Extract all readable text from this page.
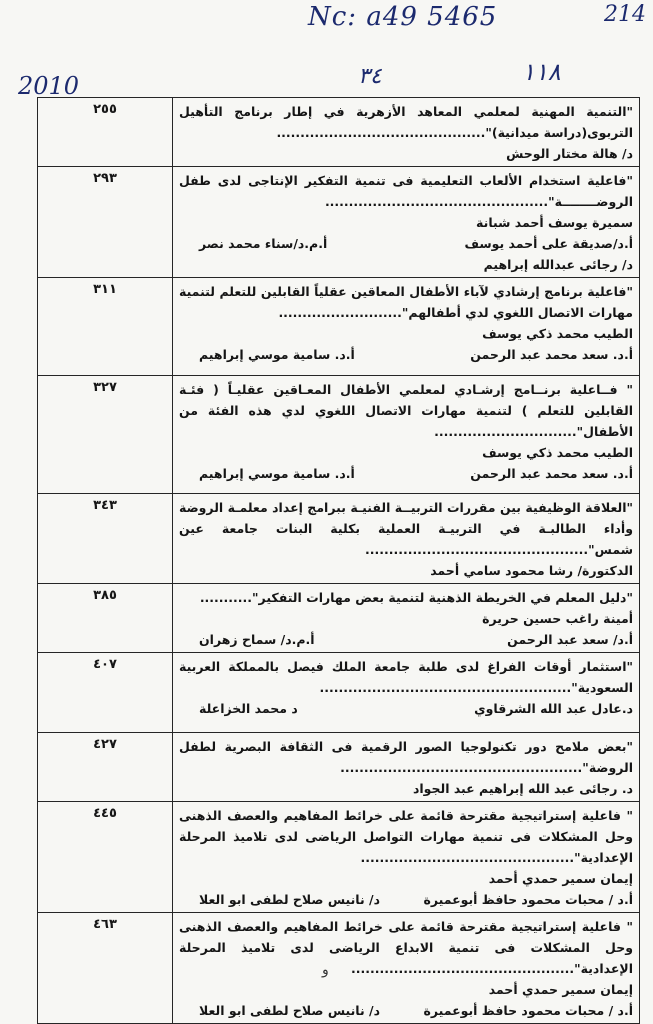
Nc: a49 5465	214
2010	٣٤	١١٨
٢٥٥	"التنمية المهنية لمعلمي المعاهد الأزهرية في إطار برنامج التأهيل التربوى(دراسة ميدانية)"............................................
د/ هالة مختار الوحش

٢٩٣	"فاعلية استخدام الألعاب التعليمية فى تنمية التفكير الإنتاجى لدى طفل الروضــــــــة"...............................................
سميرة يوسف أحمد شبانة
أ.د/صديقة على أحمد يوسف
أ.م.د/سناء محمد نصر
د/ رجائى عبدالله إبراهيم

٣١١	"فاعلية برنامج إرشادي لآباء الأطفال المعاقين عقلياً القابلين للتعلم لتنمية مهارات الاتصال اللغوي لدي أطفالهم"..........................
الطيب محمد ذكي يوسف
أ.د. سعد محمد عبد الرحمن
أ.د. سامية موسي إبراهيم

٣٢٧	" فــاعلية برنــامج إرشـادي لمعلمي الأطفال المعـاقين عقليـاً ( فئـة القابلين للتعلم ) لتنمية مهارات الاتصال اللغوي لدي هذه الفئة من الأطفال"..............................
الطيب محمد ذكي يوسف
أ.د. سعد محمد عبد الرحمن
أ.د. سامية موسي إبراهيم

٣٤٣	"العلاقة الوظيفية بين مقررات التربيــة الفنيـة ببرامج إعداد معلمـة الروضة وأداء الطالبـة في التربيـة العملية بكلية البنات جامعة عين شمس"...............................................
الدكتورة/ رشا محمود سامي أحمد

٣٨٥	"دليل المعلم في الخريطة الذهنية لتنمية بعض مهارات التفكير"...........
أمينة راغب حسين حريرة
أ.د/ سعد عبد الرحمن
أ.م.د/ سماح زهران

٤٠٧	"استثمار أوقات الفراغ لدى طلبة جامعة الملك فيصل بالمملكة العربية السعودية".....................................................
د.عادل عبد الله الشرقاوي
د محمد الخزاعلة

٤٢٧	"بعض ملامح دور تكنولوجيا الصور الرقمية فى الثقافة البصرية لطفل الروضة"...................................................
د. رجائى عبد الله إبراهيم عبد الجواد

٤٤٥	" فاعلية إستراتيجية مقترحة قائمة على خرائط المفاهيم والعصف الذهنى وحل المشكلات فى تنمية مهارات التواصل الرياضى لدى تلاميذ المرحلة الإعدادية".............................................
إيمان سمير حمدي أحمد
أ.د / محبات محمود حافظ أبوعميرة
د/ نانيس صلاح لطفى ابو العلا

٤٦٣	" فاعلية إستراتيجية مقترحة قائمة على خرائط المفاهيم والعصف الذهنى وحل المشكلات فى تنمية الابداع الرياضى لدى تلاميذ المرحلة الإعدادية"...............................................
إيمان سمير حمدي أحمد
أ.د / محبات محمود حافظ أبوعميرة
د/ نانيس صلاح لطفى ابو العلا
و
